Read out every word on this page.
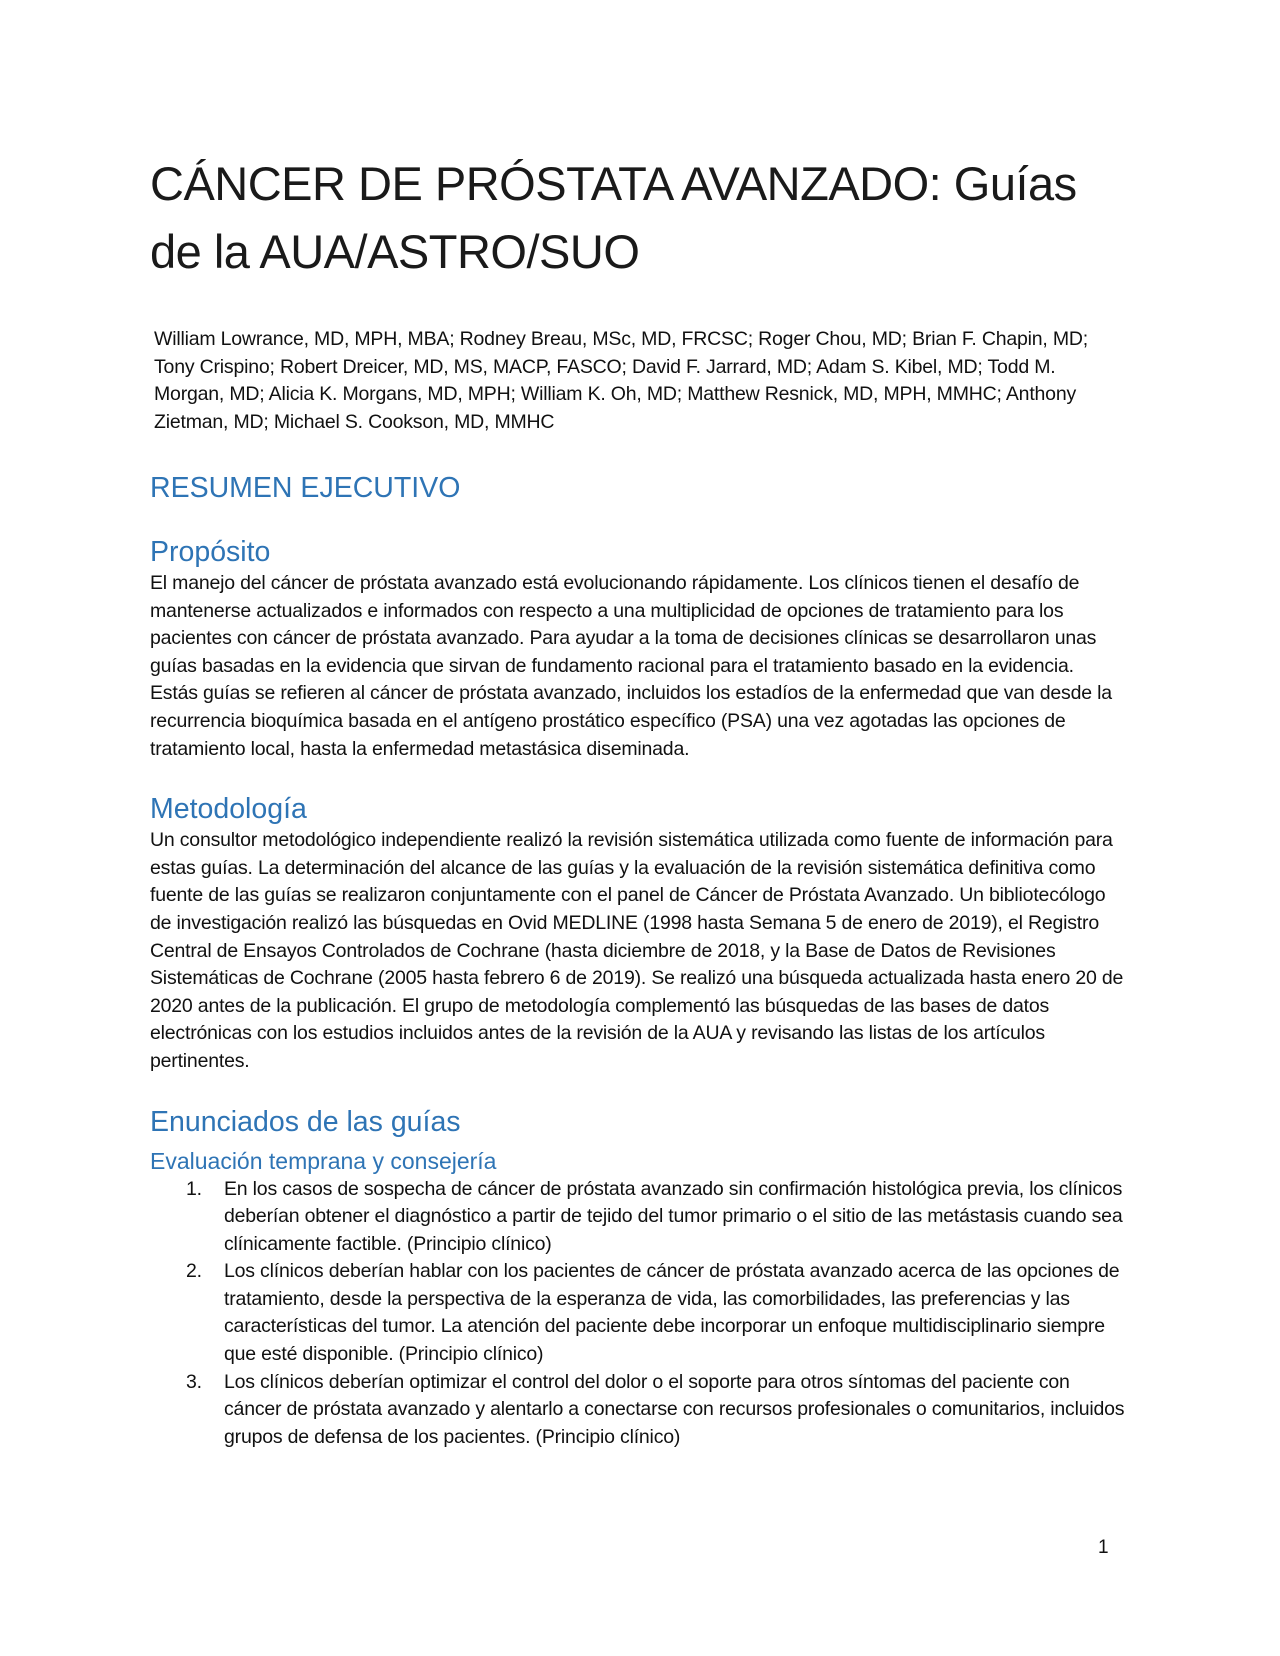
CÁNCER DE PRÓSTATA AVANZADO: Guías de la AUA/ASTRO/SUO

William Lowrance, MD, MPH, MBA; Rodney Breau, MSc, MD, FRCSC; Roger Chou, MD; Brian F. Chapin, MD; Tony Crispino; Robert Dreicer, MD, MS, MACP, FASCO; David F. Jarrard, MD; Adam S. Kibel, MD; Todd M. Morgan, MD; Alicia K. Morgans, MD, MPH; William K. Oh, MD; Matthew Resnick, MD, MPH, MMHC; Anthony Zietman, MD; Michael S. Cookson, MD, MMHC

RESUMEN EJECUTIVO
Propósito

El manejo del cáncer de próstata avanzado está evolucionando rápidamente. Los clínicos tienen el desafío de mantenerse actualizados e informados con respecto a una multiplicidad de opciones de tratamiento para los pacientes con cáncer de próstata avanzado. Para ayudar a la toma de decisiones clínicas se desarrollaron unas guías basadas en la evidencia que sirvan de fundamento racional para el tratamiento basado en la evidencia. Estás guías se refieren al cáncer de próstata avanzado, incluidos los estadíos de la enfermedad que van desde la recurrencia bioquímica basada en el antígeno prostático específico (PSA) una vez agotadas las opciones de tratamiento local, hasta la enfermedad metastásica diseminada.

Metodología

Un consultor metodológico independiente realizó la revisión sistemática utilizada como fuente de información para estas guías. La determinación del alcance de las guías y la evaluación de la revisión sistemática definitiva como fuente de las guías se realizaron conjuntamente con el panel de Cáncer de Próstata Avanzado. Un bibliotecólogo de investigación realizó las búsquedas en Ovid MEDLINE (1998 hasta Semana 5 de enero de 2019), el Registro Central de Ensayos Controlados de Cochrane (hasta diciembre de 2018, y la Base de Datos de Revisiones Sistemáticas de Cochrane (2005 hasta febrero 6 de 2019). Se realizó una búsqueda actualizada hasta enero 20 de 2020 antes de la publicación. El grupo de metodología complementó las búsquedas de las bases de datos electrónicas con los estudios incluidos antes de la revisión de la AUA y revisando las listas de los artículos pertinentes.

Enunciados de las guías
Evaluación temprana y consejería
1. En los casos de sospecha de cáncer de próstata avanzado sin confirmación histológica previa, los clínicos deberían obtener el diagnóstico a partir de tejido del tumor primario o el sitio de las metástasis cuando sea clínicamente factible. (Principio clínico)
2. Los clínicos deberían hablar con los pacientes de cáncer de próstata avanzado acerca de las opciones de tratamiento, desde la perspectiva de la esperanza de vida, las comorbilidades, las preferencias y las características del tumor. La atención del paciente debe incorporar un enfoque multidisciplinario siempre que esté disponible. (Principio clínico)
3. Los clínicos deberían optimizar el control del dolor o el soporte para otros síntomas del paciente con cáncer de próstata avanzado y alentarlo a conectarse con recursos profesionales o comunitarios, incluidos grupos de defensa de los pacientes. (Principio clínico)
1
